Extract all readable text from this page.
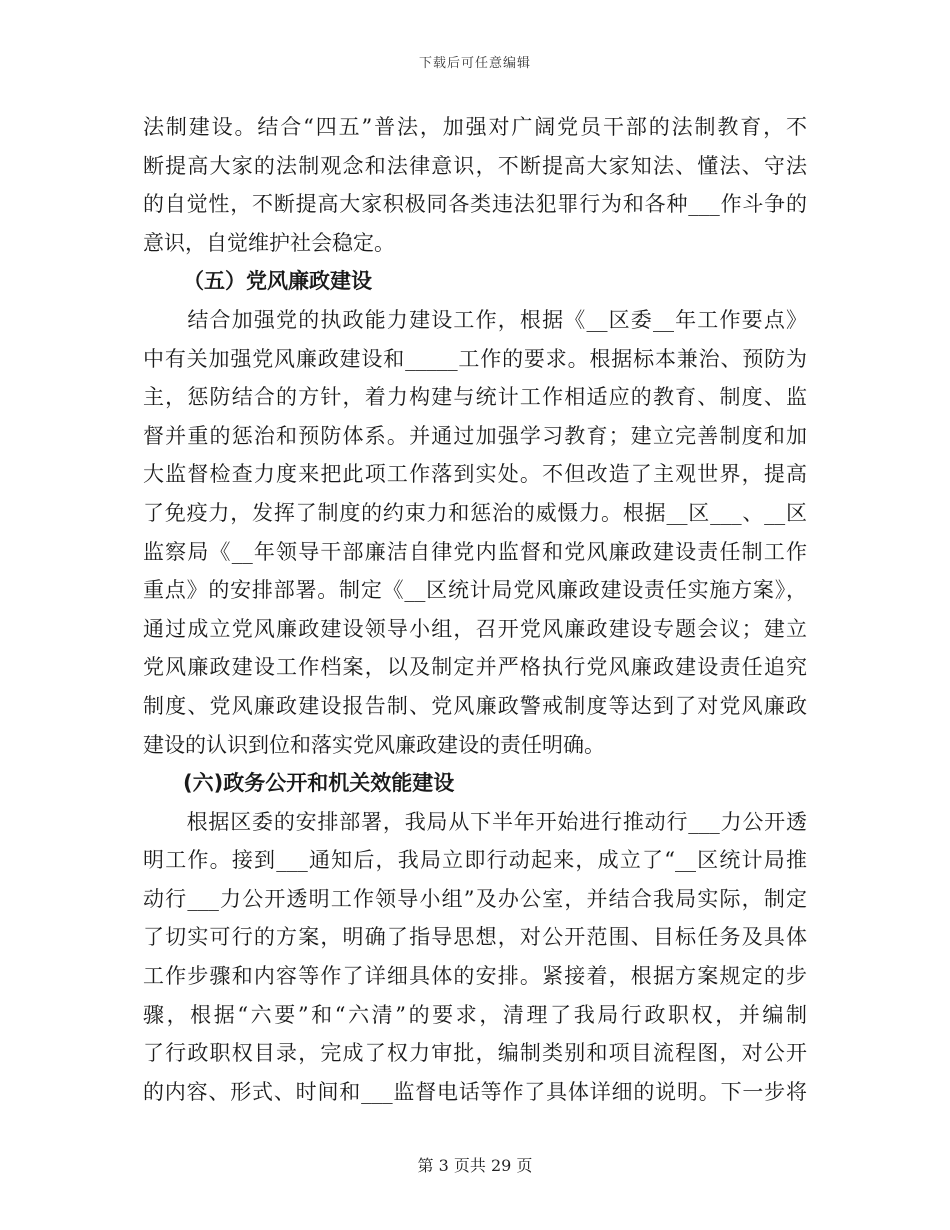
下载后可任意编辑
法制建设。结合“四五”普法，加强对广阔党员干部的法制教育，不
断提高大家的法制观念和法律意识，不断提高大家知法、懂法、守法
的自觉性，不断提高大家积极同各类违法犯罪行为和各种___作斗争的
意识，自觉维护社会稳定。
（五）党风廉政建设
　　结合加强党的执政能力建设工作，根据《__区委__年工作要点》
中有关加强党风廉政建设和_____工作的要求。根据标本兼治、预防为
主，惩防结合的方针，着力构建与统计工作相适应的教育、制度、监
督并重的惩治和预防体系。并通过加强学习教育；建立完善制度和加
大监督检查力度来把此项工作落到实处。不但改造了主观世界，提高
了免疫力，发挥了制度的约束力和惩治的威慑力。根据__区___、__区
监察局《__年领导干部廉洁自律党内监督和党风廉政建设责任制工作
重点》的安排部署。制定《__区统计局党风廉政建设责任实施方案》，
通过成立党风廉政建设领导小组，召开党风廉政建设专题会议；建立
党风廉政建设工作档案，以及制定并严格执行党风廉政建设责任追究
制度、党风廉政建设报告制、党风廉政警戒制度等达到了对党风廉政
建设的认识到位和落实党风廉政建设的责任明确。
(六)政务公开和机关效能建设
　　根据区委的安排部署，我局从下半年开始进行推动行___力公开透
明工作。接到___通知后，我局立即行动起来，成立了“__区统计局推
动行___力公开透明工作领导小组”及办公室，并结合我局实际，制定
了切实可行的方案，明确了指导思想，对公开范围、目标任务及具体
工作步骤和内容等作了详细具体的安排。紧接着，根据方案规定的步
骤，根据“六要”和“六清”的要求，清理了我局行政职权，并编制
了行政职权目录，完成了权力审批，编制类别和项目流程图，对公开
的内容、形式、时间和___监督电话等作了具体详细的说明。下一步将
第 3 页共 29 页
